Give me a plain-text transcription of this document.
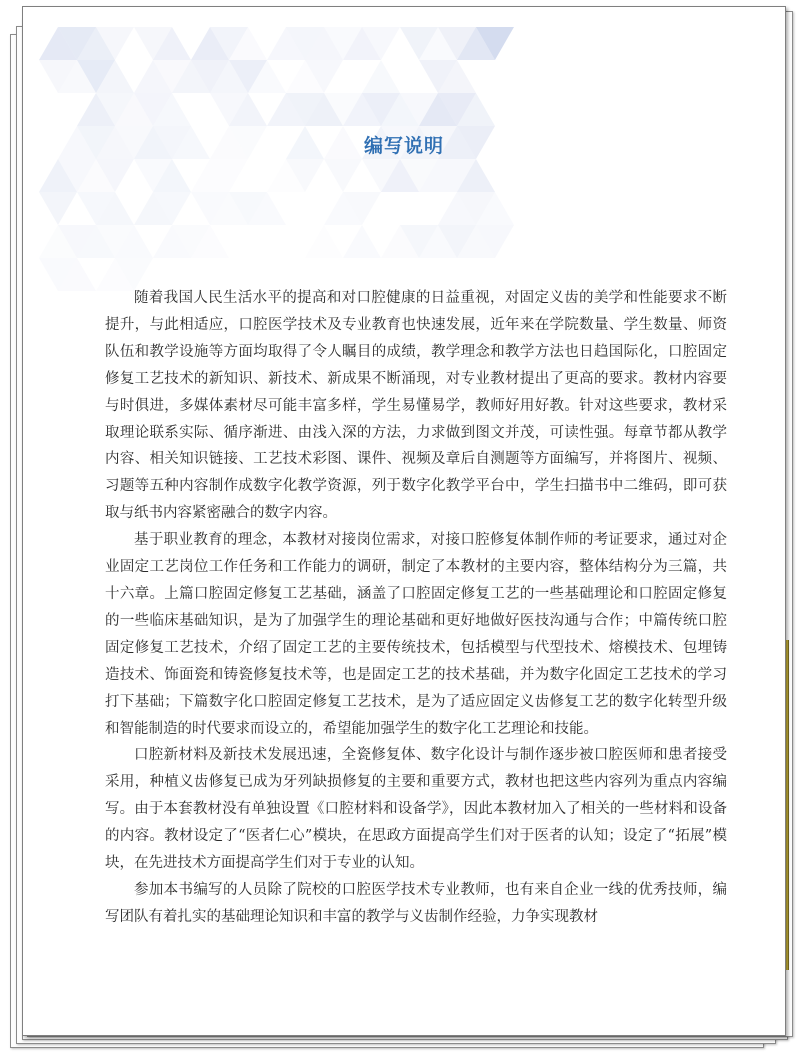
编写说明

随着我国人民生活水平的提高和对口腔健康的日益重视，对固定义齿的美学和性能要求不断提升，与此相适应，口腔医学技术及专业教育也快速发展，近年来在学院数量、学生数量、师资队伍和教学设施等方面均取得了令人瞩目的成绩，教学理念和教学方法也日趋国际化，口腔固定修复工艺技术的新知识、新技术、新成果不断涌现，对专业教材提出了更高的要求。教材内容要与时俱进，多媒体素材尽可能丰富多样，学生易懂易学，教师好用好教。针对这些要求，教材采取理论联系实际、循序渐进、由浅入深的方法，力求做到图文并茂，可读性强。每章节都从教学内容、相关知识链接、工艺技术彩图、课件、视频及章后自测题等方面编写，并将图片、视频、习题等五种内容制作成数字化教学资源，列于数字化教学平台中，学生扫描书中二维码，即可获取与纸书内容紧密融合的数字内容。

基于职业教育的理念，本教材对接岗位需求，对接口腔修复体制作师的考证要求，通过对企业固定工艺岗位工作任务和工作能力的调研，制定了本教材的主要内容，整体结构分为三篇，共十六章。上篇口腔固定修复工艺基础，涵盖了口腔固定修复工艺的一些基础理论和口腔固定修复的一些临床基础知识，是为了加强学生的理论基础和更好地做好医技沟通与合作；中篇传统口腔固定修复工艺技术，介绍了固定工艺的主要传统技术，包括模型与代型技术、熔模技术、包埋铸造技术、饰面瓷和铸瓷修复技术等，也是固定工艺的技术基础，并为数字化固定工艺技术的学习打下基础；下篇数字化口腔固定修复工艺技术，是为了适应固定义齿修复工艺的数字化转型升级和智能制造的时代要求而设立的，希望能加强学生的数字化工艺理论和技能。

口腔新材料及新技术发展迅速，全瓷修复体、数字化设计与制作逐步被口腔医师和患者接受采用，种植义齿修复已成为牙列缺损修复的主要和重要方式，教材也把这些内容列为重点内容编写。由于本套教材没有单独设置《口腔材料和设备学》，因此本教材加入了相关的一些材料和设备的内容。教材设定了“医者仁心”模块，在思政方面提高学生们对于医者的认知；设定了“拓展”模块，在先进技术方面提高学生们对于专业的认知。

参加本书编写的人员除了院校的口腔医学技术专业教师，也有来自企业一线的优秀技师，编写团队有着扎实的基础理论知识和丰富的教学与义齿制作经验，力争实现教材
